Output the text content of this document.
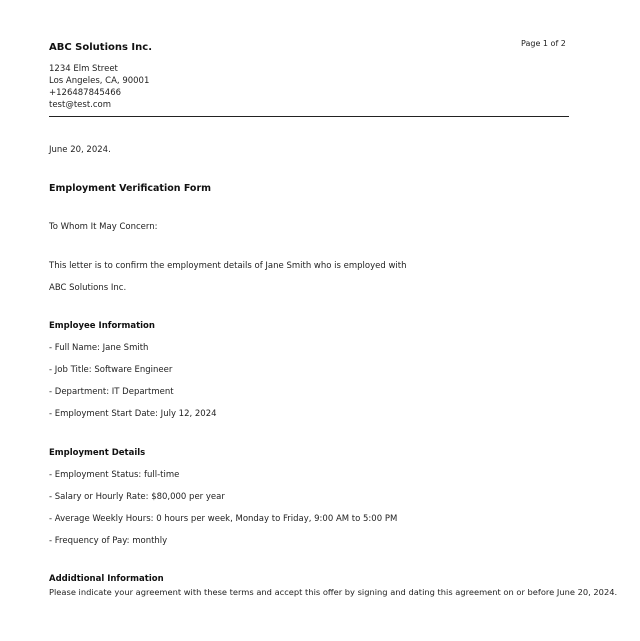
ABC Solutions Inc.	Page 1 of 2
1234 Elm Street
Los Angeles, CA, 90001
+126487845466
test@test.com
June 20, 2024.
Employment Verification Form
To Whom It May Concern:
This letter is to confirm the employment details of Jane Smith who is employed with
ABC Solutions Inc.
Employee Information
- Full Name: Jane Smith
- Job Title: Software Engineer
- Department: IT Department
- Employment Start Date: July 12, 2024
Employment Details
- Employment Status: full-time
- Salary or Hourly Rate: $80,000 per year
- Average Weekly Hours: 0 hours per week, Monday to Friday, 9:00 AM to 5:00 PM
- Frequency of Pay: monthly
Addidtional Information
Please indicate your agreement with these terms and accept this offer by signing and dating this agreement on or before June 20, 2024.
